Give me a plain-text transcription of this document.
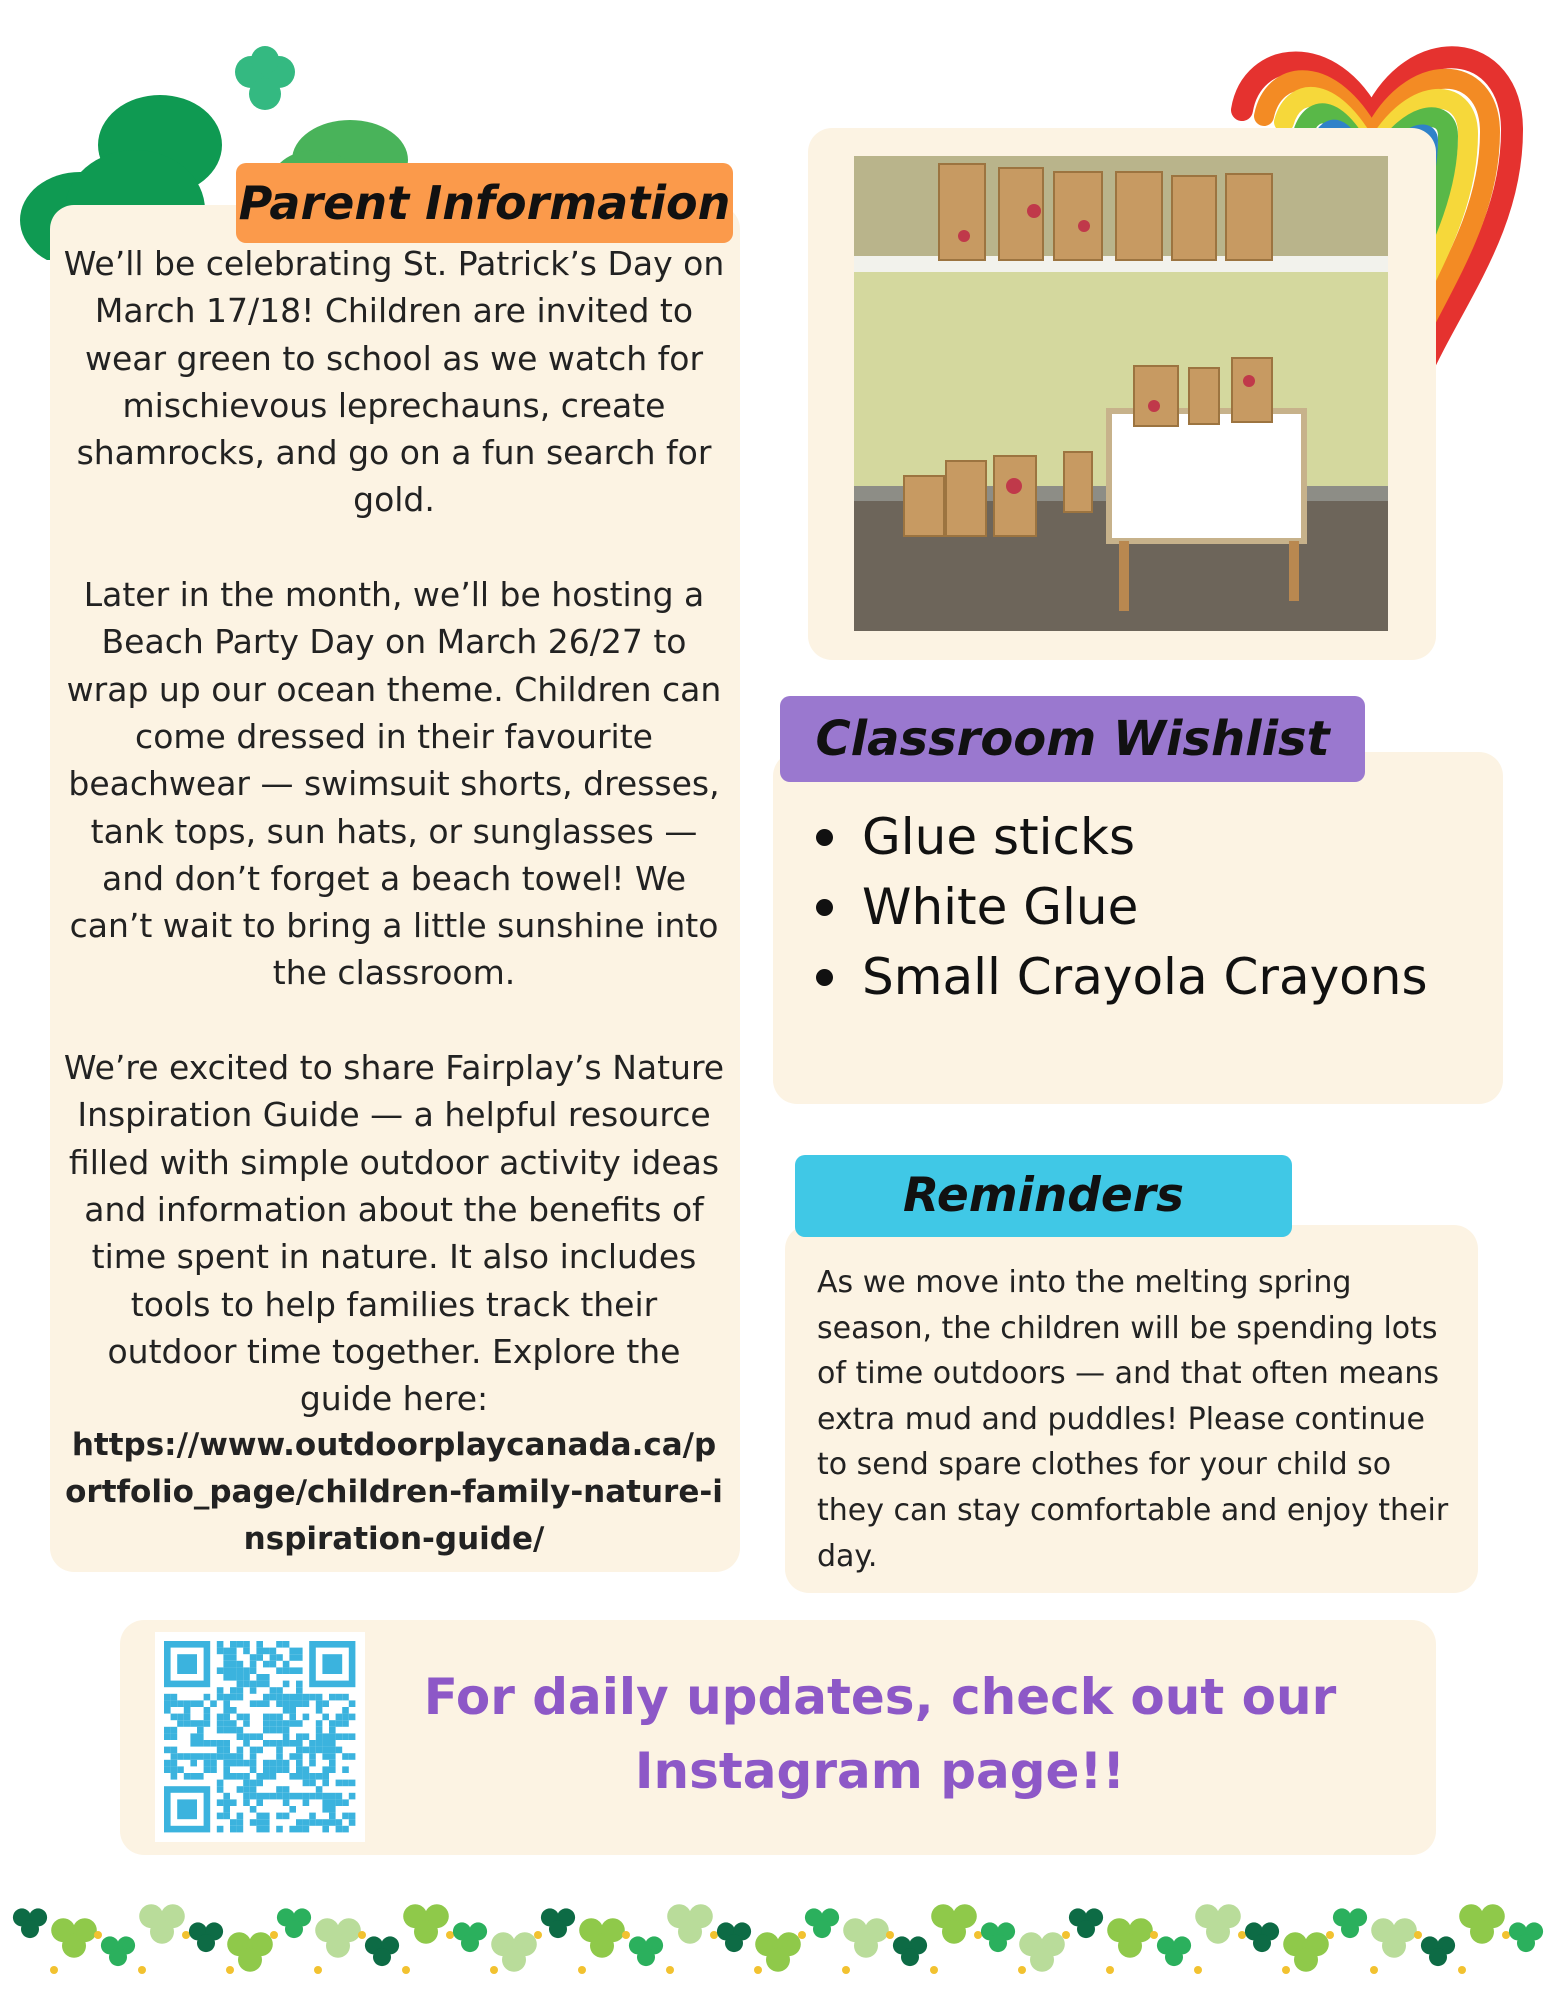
Parent Information

We’ll be celebrating St. Patrick’s Day on March 17/18! Children are invited to wear green to school as we watch for mischievous leprechauns, create shamrocks, and go on a fun search for gold.

Later in the month, we’ll be hosting a Beach Party Day on March 26/27 to wrap up our ocean theme. Children can come dressed in their favourite beachwear — swimsuit shorts, dresses, tank tops, sun hats, or sunglasses — and don’t forget a beach towel! We can’t wait to bring a little sunshine into the classroom.

We’re excited to share Fairplay’s Nature Inspiration Guide — a helpful resource filled with simple outdoor activity ideas and information about the benefits of time spent in nature. It also includes tools to help families track their outdoor time together. Explore the guide here:

https://www.outdoorplaycanada.ca/portfolio_page/children-family-nature-inspiration-guide/
Classroom Wishlist
Glue sticks
White Glue
Small Crayola Crayons
Reminders

As we move into the melting spring season, the children will be spending lots of time outdoors — and that often means extra mud and puddles! Please continue to send spare clothes for your child so they can stay comfortable and enjoy their day.

For daily updates, check out our
Instagram page!!
